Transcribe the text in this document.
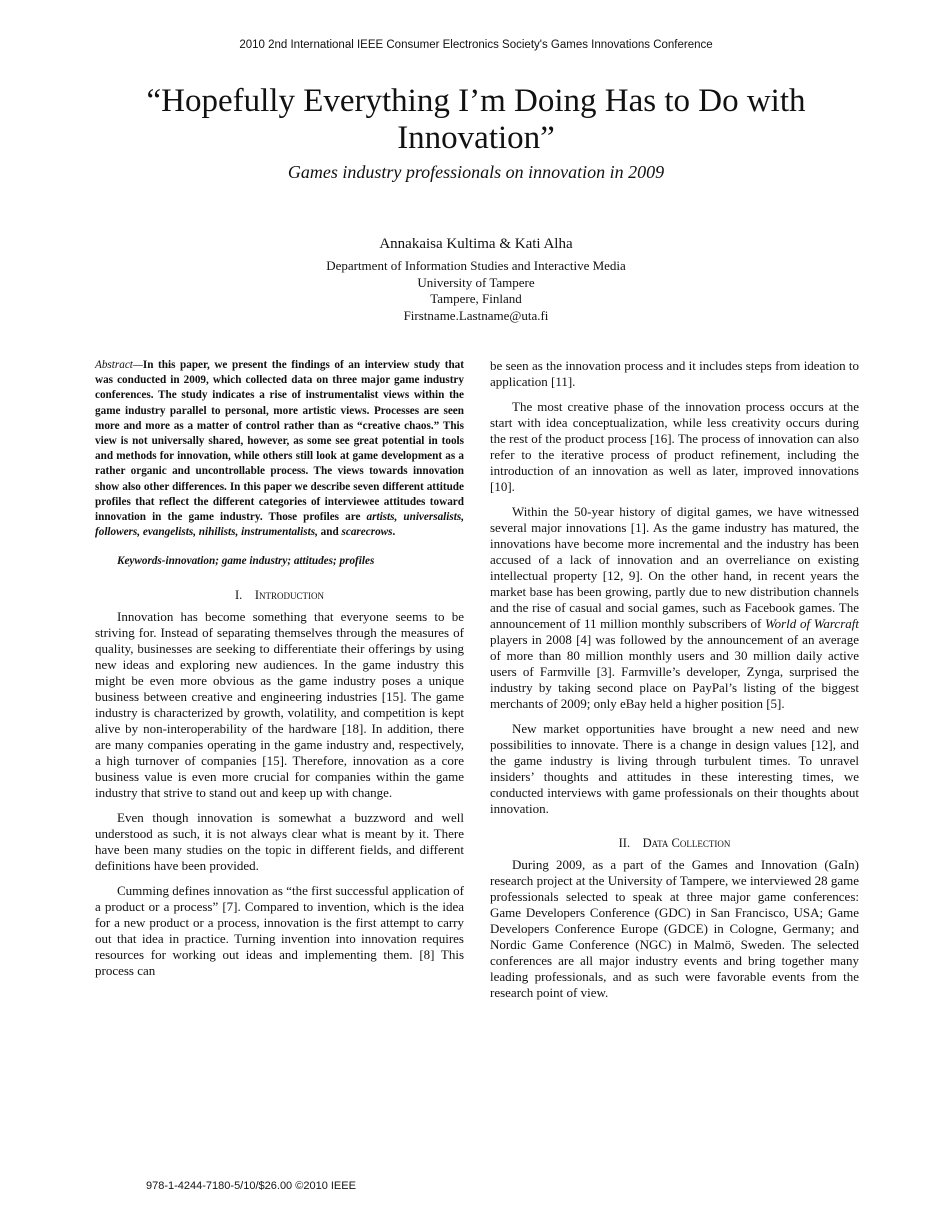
2010 2nd International IEEE Consumer Electronics Society's Games Innovations Conference
“Hopefully Everything I’m Doing Has to Do with Innovation”
Games industry professionals on innovation in 2009
Annakaisa Kultima & Kati Alha
Department of Information Studies and Interactive Media
University of Tampere
Tampere, Finland
Firstname.Lastname@uta.fi

Abstract—In this paper, we present the findings of an interview study that was conducted in 2009, which collected data on three major game industry conferences. The study indicates a rise of instrumentalist views within the game industry parallel to personal, more artistic views. Processes are seen more and more as a matter of control rather than as “creative chaos.” This view is not universally shared, however, as some see great potential in tools and methods for innovation, while others still look at game development as a rather organic and uncontrollable process. The views towards innovation show also other differences. In this paper we describe seven different attitude profiles that reflect the different categories of interviewee attitudes toward innovation in the game industry. Those profiles are artists, universalists, followers, evangelists, nihilists, instrumentalists, and scarecrows.

Keywords-innovation; game industry; attitudes; profiles

I. Introduction

Innovation has become something that everyone seems to be striving for. Instead of separating themselves through the measures of quality, businesses are seeking to differentiate their offerings by using new ideas and exploring new audiences. In the game industry this might be even more obvious as the game industry poses a unique business between creative and engineering industries [15]. The game industry is characterized by growth, volatility, and competition is kept alive by non-interoperability of the hardware [18]. In addition, there are many companies operating in the game industry and, respectively, a high turnover of companies [15]. Therefore, innovation as a core business value is even more crucial for companies within the game industry that strive to stand out and keep up with change.

Even though innovation is somewhat a buzzword and well understood as such, it is not always clear what is meant by it. There have been many studies on the topic in different fields, and different definitions have been provided.

Cumming defines innovation as “the first successful application of a product or a process” [7]. Compared to invention, which is the idea for a new product or a process, innovation is the first attempt to carry out that idea in practice. Turning invention into innovation requires resources for working out ideas and implementing them. [8] This process can

be seen as the innovation process and it includes steps from ideation to application [11].

The most creative phase of the innovation process occurs at the start with idea conceptualization, while less creativity occurs during the rest of the product process [16]. The process of innovation can also refer to the iterative process of product refinement, including the introduction of an innovation as well as later, improved innovations [10].

Within the 50-year history of digital games, we have witnessed several major innovations [1]. As the game industry has matured, the innovations have become more incremental and the industry has been accused of a lack of innovation and an overreliance on existing intellectual property [12, 9]. On the other hand, in recent years the market base has been growing, partly due to new distribution channels and the rise of casual and social games, such as Facebook games. The announcement of 11 million monthly subscribers of World of Warcraft players in 2008 [4] was followed by the announcement of an average of more than 80 million monthly users and 30 million daily active users of Farmville [3]. Farmville’s developer, Zynga, surprised the industry by taking second place on PayPal’s listing of the biggest merchants of 2009; only eBay held a higher position [5].

New market opportunities have brought a new need and new possibilities to innovate. There is a change in design values [12], and the game industry is living through turbulent times. To unravel insiders’ thoughts and attitudes in these interesting times, we conducted interviews with game professionals on their thoughts about innovation.

II. Data Collection

During 2009, as a part of the Games and Innovation (GaIn) research project at the University of Tampere, we interviewed 28 game professionals selected to speak at three major game conferences: Game Developers Conference (GDC) in San Francisco, USA; Game Developers Conference Europe (GDCE) in Cologne, Germany; and Nordic Game Conference (NGC) in Malmö, Sweden. The selected conferences are all major industry events and bring together many leading professionals, and as such were favorable events from the research point of view.

978-1-4244-7180-5/10/$26.00 ©2010 IEEE
